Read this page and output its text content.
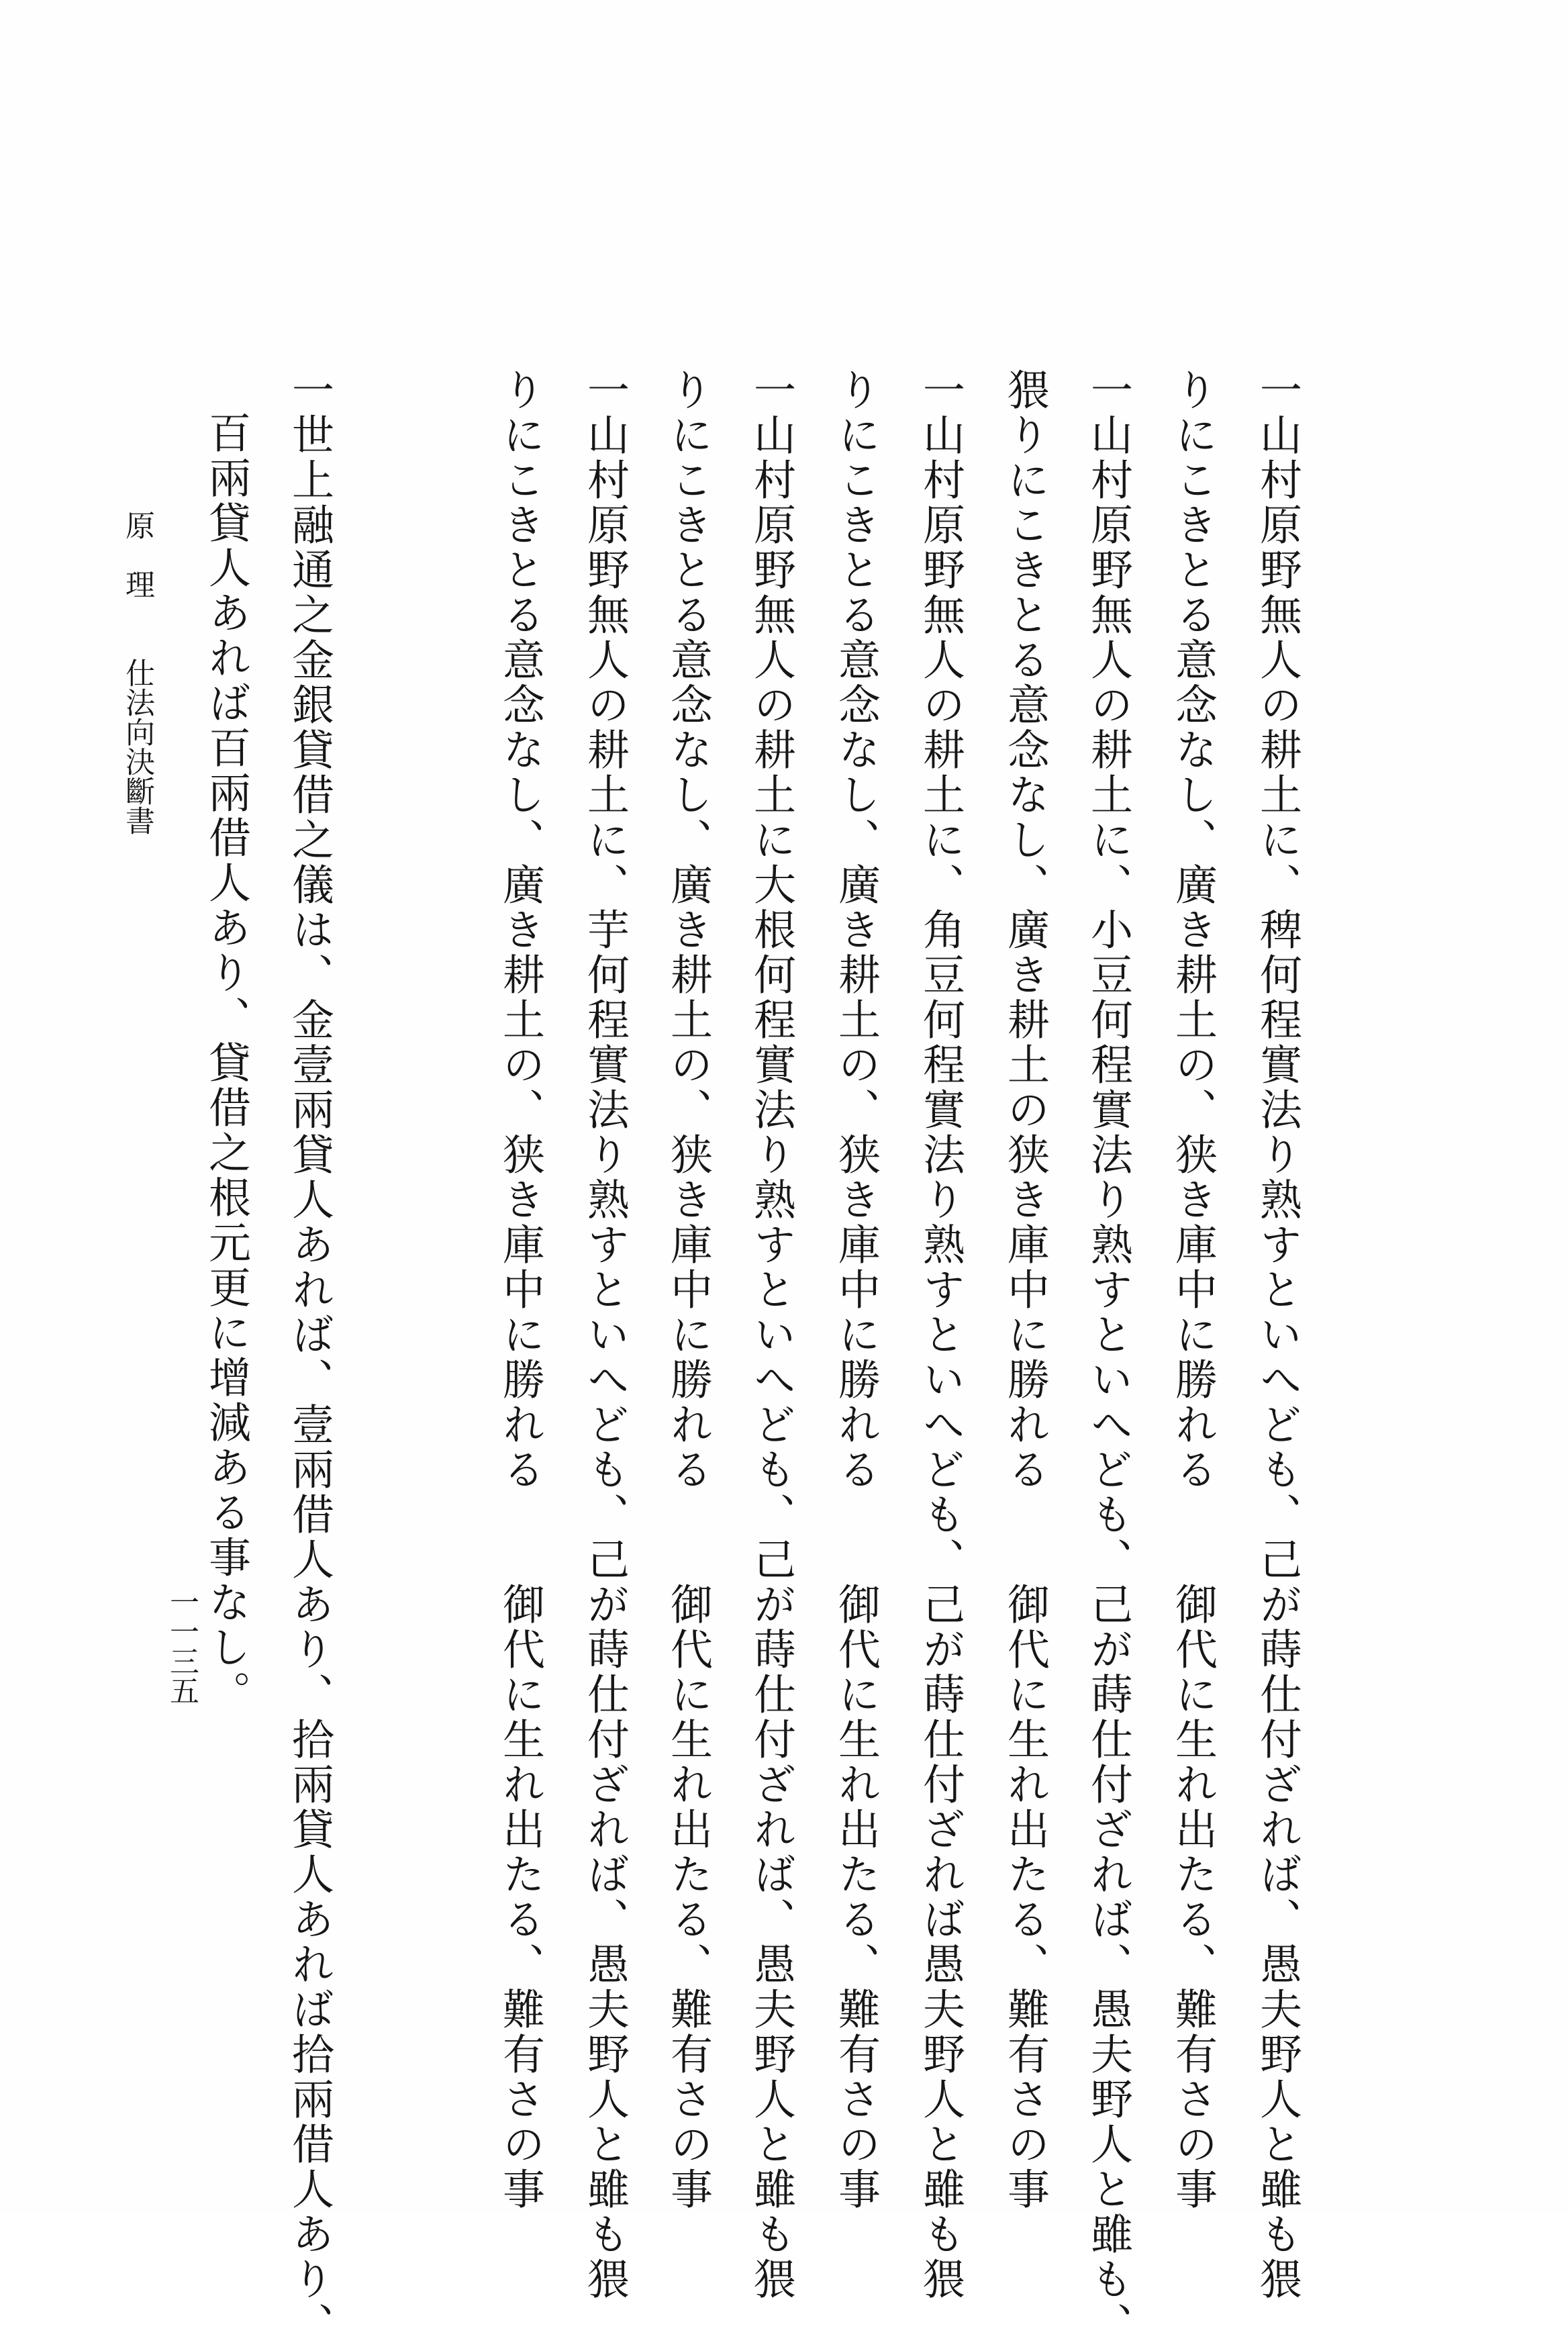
一山村原野無人の耕土に、稗何程實法り熟すといへども、己が蒔仕付ざれば、愚夫野人と雖も猥
りにこきとる意念なし、廣き耕土の、狭き庫中に勝れる　　御代に生れ出たる、難有さの事
一山村原野無人の耕土に、小豆何程實法り熟すといへども、己が蒔仕付ざれば、愚夫野人と雖も、
猥りにこきとる意念なし、廣き耕土の狭き庫中に勝れる　　御代に生れ出たる、難有さの事
一山村原野無人の耕土に、角豆何程實法り熟すといへども、己が蒔仕付ざれば愚夫野人と雖も猥
りにこきとる意念なし、廣き耕土の、狭き庫中に勝れる　　御代に生れ出たる、難有さの事
一山村原野無人の耕土に大根何程實法り熟すといへども、己が蒔仕付ざれば、愚夫野人と雖も猥
りにこきとる意念なし、廣き耕土の、狭き庫中に勝れる　　御代に生れ出たる、難有さの事
一山村原野無人の耕土に、芋何程實法り熟すといへども、己が蒔仕付ざれば、愚夫野人と雖も猥
りにこきとる意念なし、廣き耕土の、狭き庫中に勝れる　　御代に生れ出たる、難有さの事
一世上融通之金銀貸借之儀は、金壹兩貸人あれば、壹兩借人あり、拾兩貸人あれば拾兩借人あり、
百兩貸人あれば百兩借人あり、貸借之根元更に增減ある事なし。
原　理
仕法向決斷書
一一三五
